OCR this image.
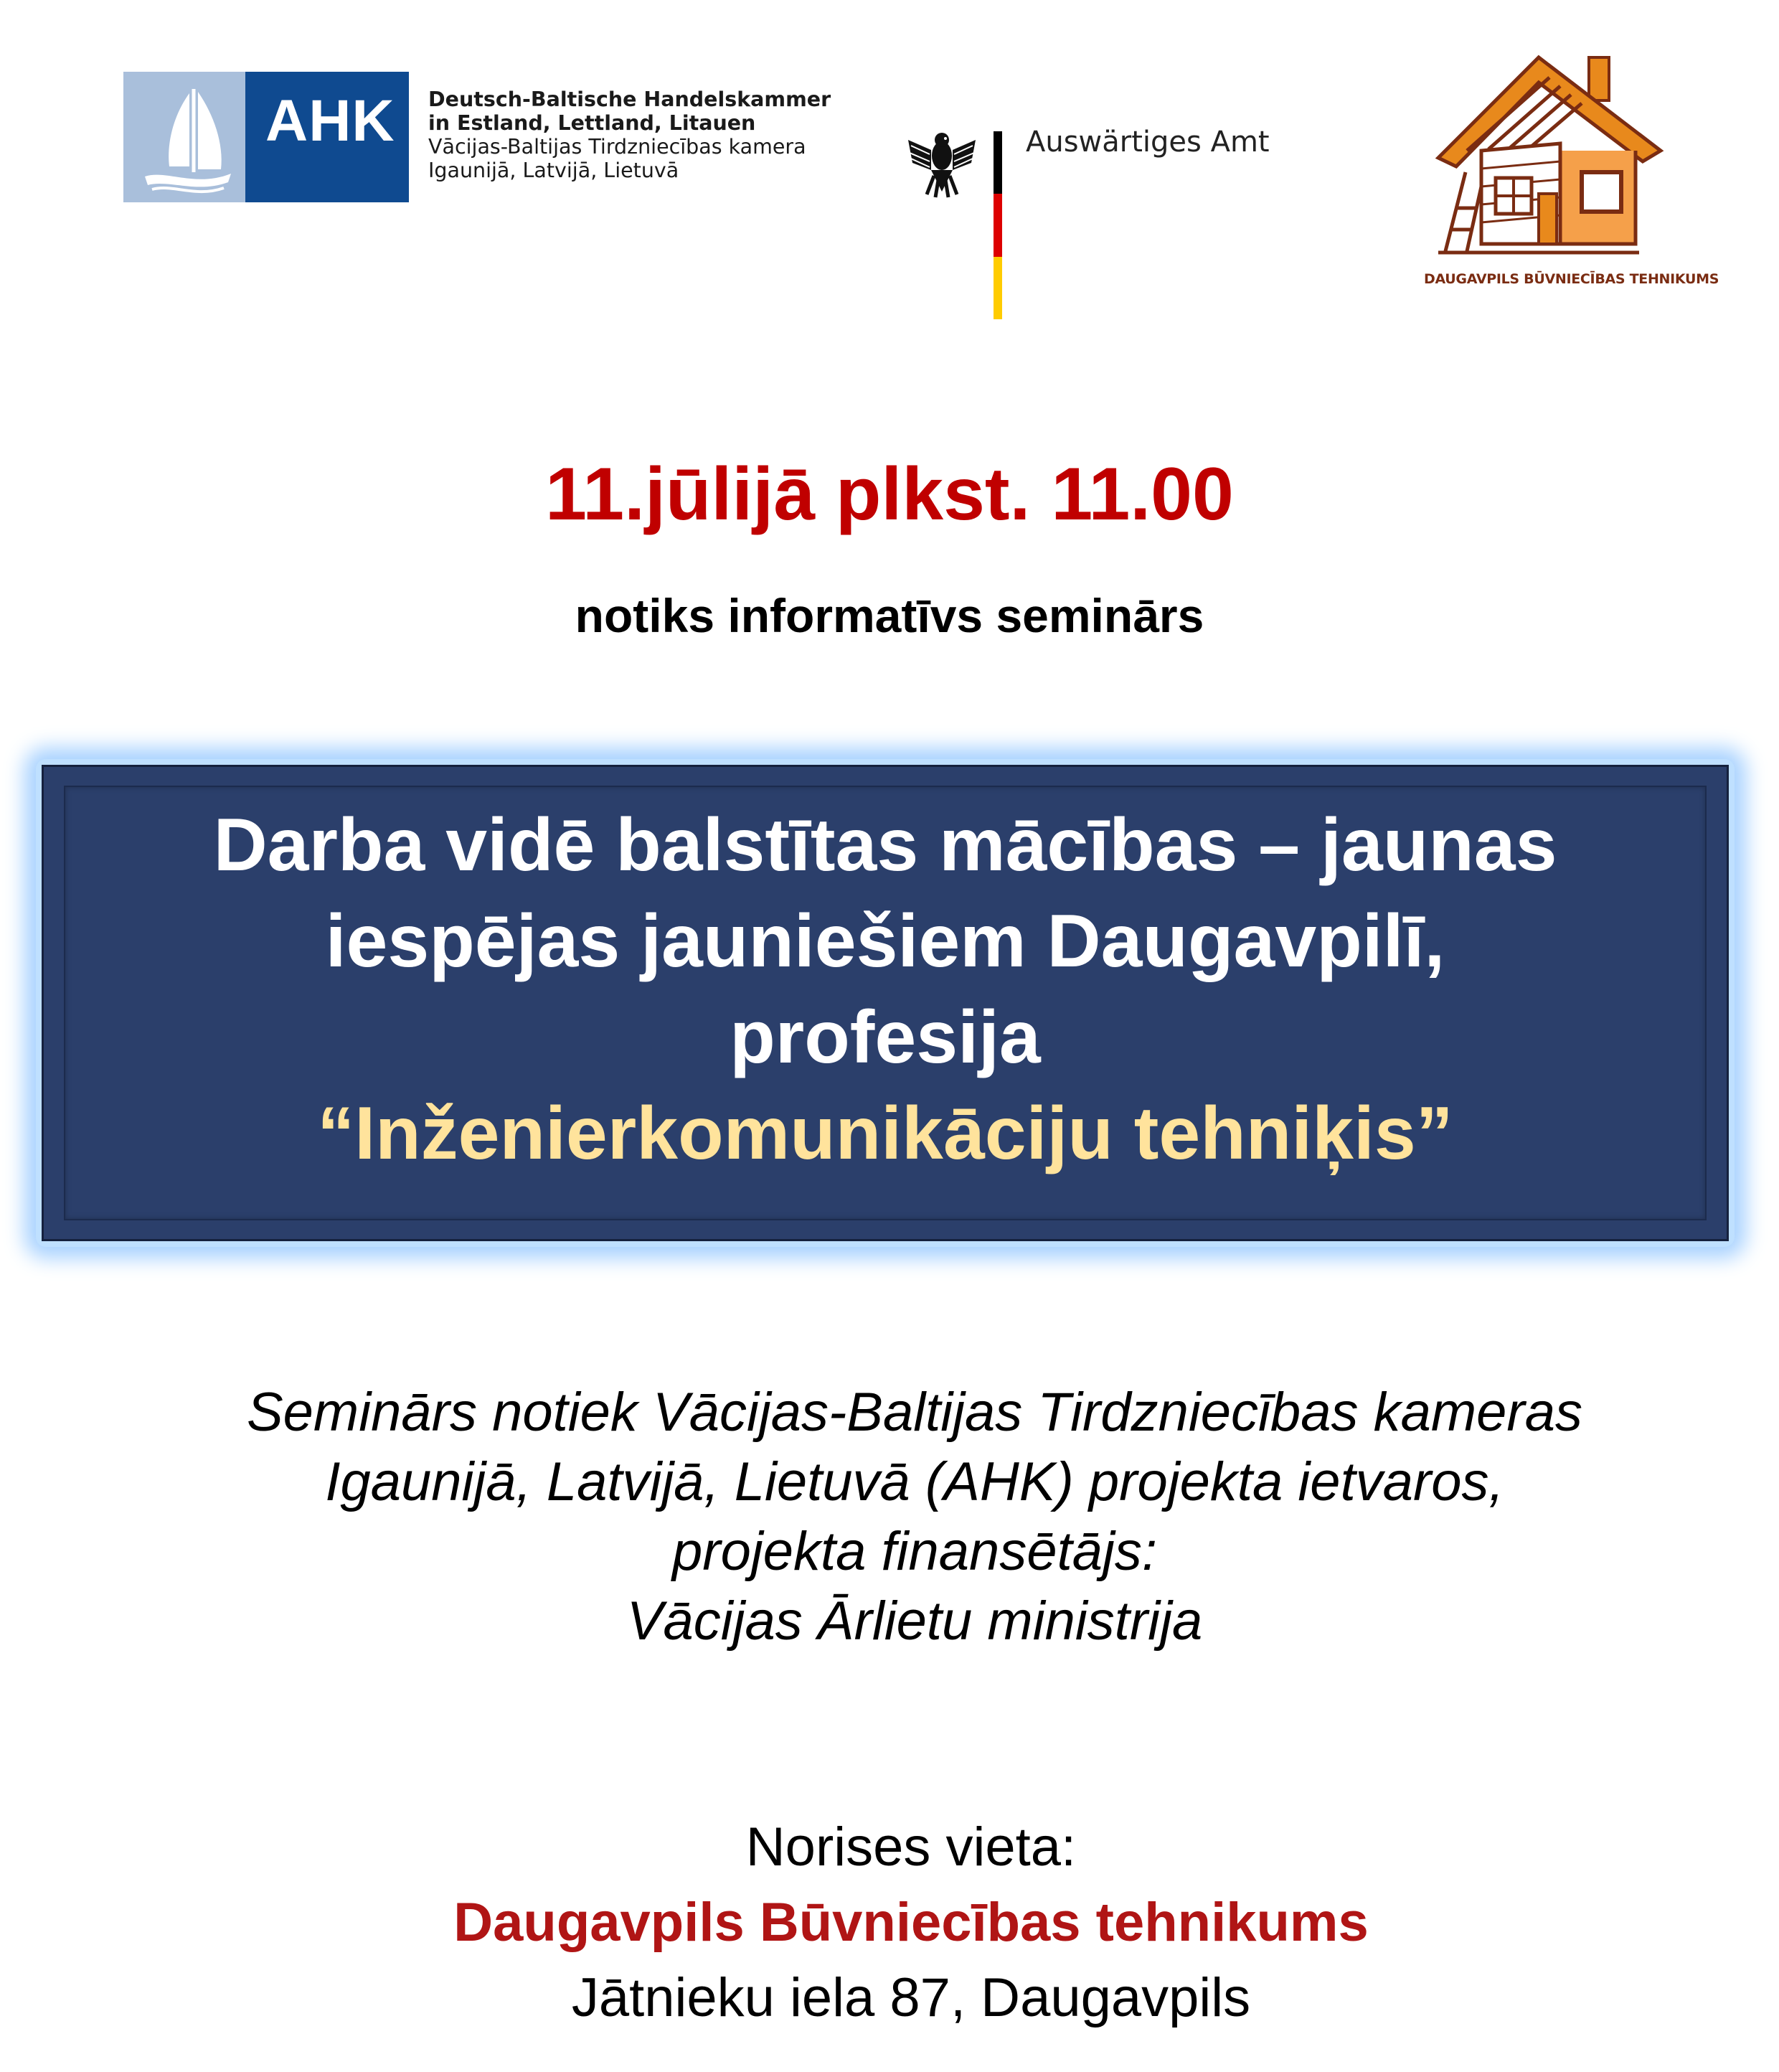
AHK Deutsch-Baltische Handelskammer
in Estland, Lettland, Litauen
Vācijas-Baltijas Tirdzniecības kamera
Igaunijā, Latvijā, Lietuvā
Auswärtiges Amt
DAUGAVPILS BŪVNIECĪBAS TEHNIKUMS
11.jūlijā plkst. 11.00
notiks informatīvs seminārs
Darba vidē balstītas mācības – jaunas
iespējas jauniešiem Daugavpilī,
profesija
“Inženierkomunikāciju tehniķis”
Seminārs notiek Vācijas-Baltijas Tirdzniecības kameras
Igaunijā, Latvijā, Lietuvā (AHK) projekta ietvaros,
projekta finansētājs:
Vācijas Ārlietu ministrija
Norises vieta:
Daugavpils Būvniecības tehnikums
Jātnieku iela 87, Daugavpils
